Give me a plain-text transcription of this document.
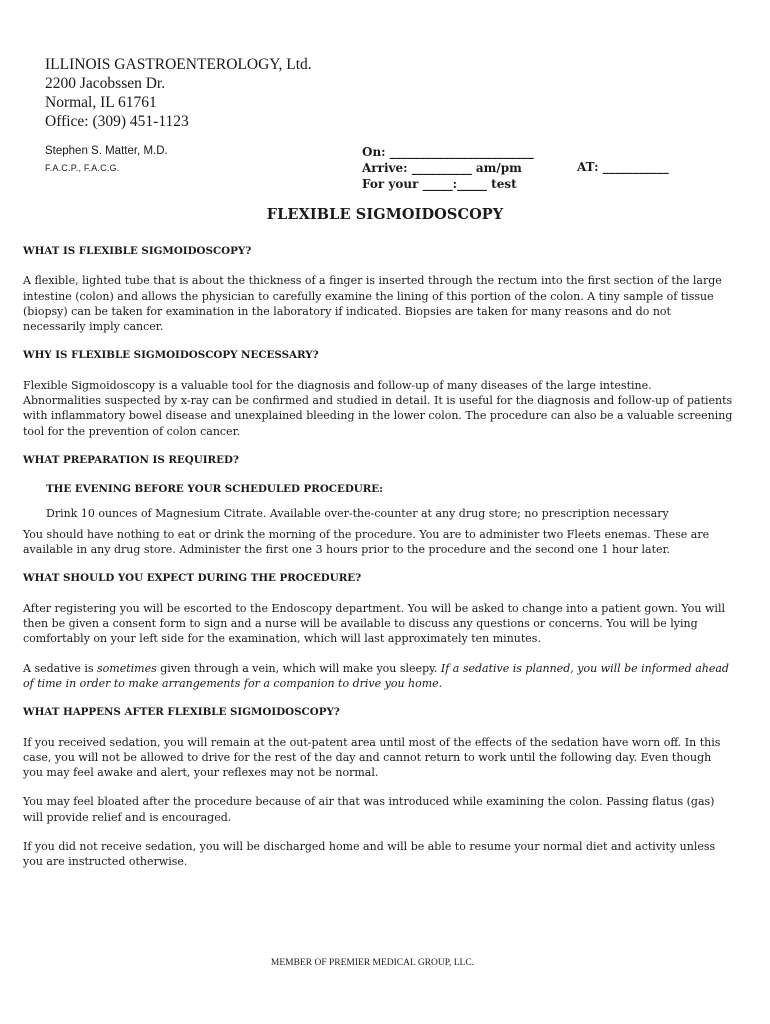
ILLINOIS GASTROENTEROLOGY, Ltd.
2200 Jacobssen Dr.
Normal, IL 61761
Office: (309) 451-1123
Stephen S. Matter, M.D.
F.A.C.P., F.A.C.G.
On: ________________________
Arrive: __________ am/pm
For your _____:_____ test
AT: ___________
FLEXIBLE SIGMOIDOSCOPY
WHAT IS FLEXIBLE SIGMOIDOSCOPY?
A flexible, lighted tube that is about the thickness of a finger is inserted through the rectum into the first section of the large intestine (colon) and allows the physician to carefully examine the lining of this portion of the colon. A tiny sample of tissue (biopsy) can be taken for examination in the laboratory if indicated. Biopsies are taken for many reasons and do not necessarily imply cancer.
WHY IS FLEXIBLE SIGMOIDOSCOPY NECESSARY?
Flexible Sigmoidoscopy is a valuable tool for the diagnosis and follow-up of many diseases of the large intestine. Abnormalities suspected by x-ray can be confirmed and studied in detail. It is useful for the diagnosis and follow-up of patients with inflammatory bowel disease and unexplained bleeding in the lower colon. The procedure can also be a valuable screening tool for the prevention of colon cancer.
WHAT PREPARATION IS REQUIRED?
THE EVENING BEFORE YOUR SCHEDULED PROCEDURE:
Drink 10 ounces of Magnesium Citrate. Available over-the-counter at any drug store; no prescription necessary
You should have nothing to eat or drink the morning of the procedure. You are to administer two Fleets enemas. These are available in any drug store. Administer the first one 3 hours prior to the procedure and the second one 1 hour later.
WHAT SHOULD YOU EXPECT DURING THE PROCEDURE?
After registering you will be escorted to the Endoscopy department. You will be asked to change into a patient gown. You will then be given a consent form to sign and a nurse will be available to discuss any questions or concerns. You will be lying comfortably on your left side for the examination, which will last approximately ten minutes.
A sedative is sometimes given through a vein, which will make you sleepy. If a sedative is planned, you will be informed ahead of time in order to make arrangements for a companion to drive you home.
WHAT HAPPENS AFTER FLEXIBLE SIGMOIDOSCOPY?
If you received sedation, you will remain at the out-patent area until most of the effects of the sedation have worn off. In this case, you will not be allowed to drive for the rest of the day and cannot return to work until the following day. Even though you may feel awake and alert, your reflexes may not be normal.
You may feel bloated after the procedure because of air that was introduced while examining the colon. Passing flatus (gas) will provide relief and is encouraged.
If you did not receive sedation, you will be discharged home and will be able to resume your normal diet and activity unless you are instructed otherwise.
MEMBER OF PREMIER MEDICAL GROUP, LLC.
